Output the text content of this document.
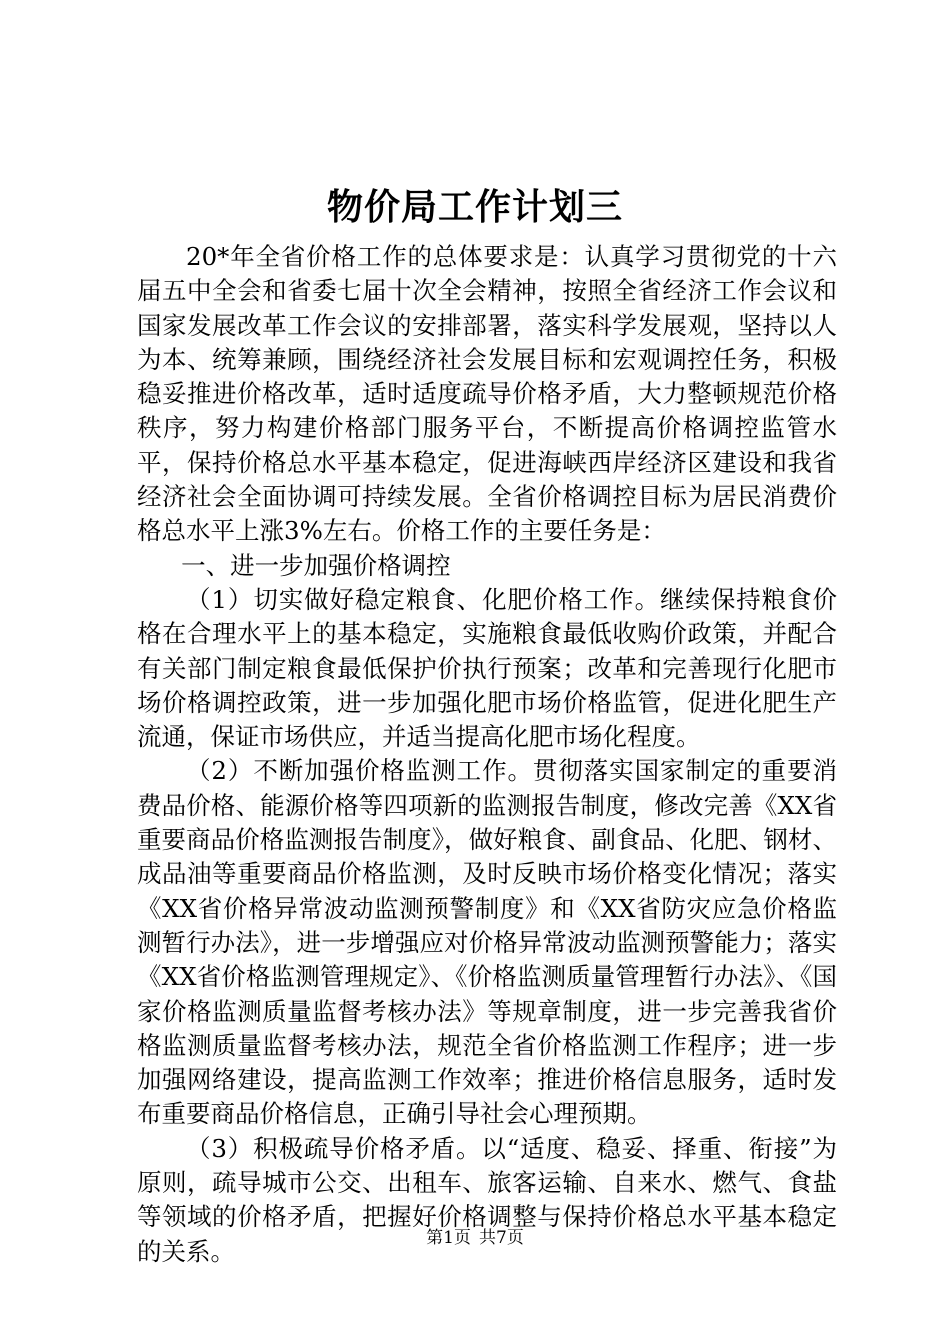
物价局工作计划三

20*年全省价格工作的总体要求是：认真学习贯彻党的十六届五中全会和省委七届十次全会精神，按照全省经济工作会议和国家发展改革工作会议的安排部署，落实科学发展观，坚持以人为本、统筹兼顾，围绕经济社会发展目标和宏观调控任务，积极稳妥推进价格改革，适时适度疏导价格矛盾，大力整顿规范价格秩序，努力构建价格部门服务平台，不断提高价格调控监管水平，保持价格总水平基本稳定，促进海峡西岸经济区建设和我省经济社会全面协调可持续发展。全省价格调控目标为居民消费价格总水平上涨3%左右。价格工作的主要任务是：

一、进一步加强价格调控

（1）切实做好稳定粮食、化肥价格工作。继续保持粮食价格在合理水平上的基本稳定，实施粮食最低收购价政策，并配合有关部门制定粮食最低保护价执行预案；改革和完善现行化肥市场价格调控政策，进一步加强化肥市场价格监管，促进化肥生产流通，保证市场供应，并适当提高化肥市场化程度。

（2）不断加强价格监测工作。贯彻落实国家制定的重要消费品价格、能源价格等四项新的监测报告制度，修改完善《XX省重要商品价格监测报告制度》，做好粮食、副食品、化肥、钢材、成品油等重要商品价格监测，及时反映市场价格变化情况；落实《XX省价格异常波动监测预警制度》和《XX省防灾应急价格监测暂行办法》，进一步增强应对价格异常波动监测预警能力；落实《XX省价格监测管理规定》、《价格监测质量管理暂行办法》、《国家价格监测质量监督考核办法》等规章制度，进一步完善我省价格监测质量监督考核办法，规范全省价格监测工作程序；进一步加强网络建设，提高监测工作效率；推进价格信息服务，适时发布重要商品价格信息，正确引导社会心理预期。

（3）积极疏导价格矛盾。以“适度、稳妥、择重、衔接”为原则，疏导城市公交、出租车、旅客运输、自来水、燃气、食盐等领域的价格矛盾，把握好价格调整与保持价格总水平基本稳定的关系。	第1页 共7页
